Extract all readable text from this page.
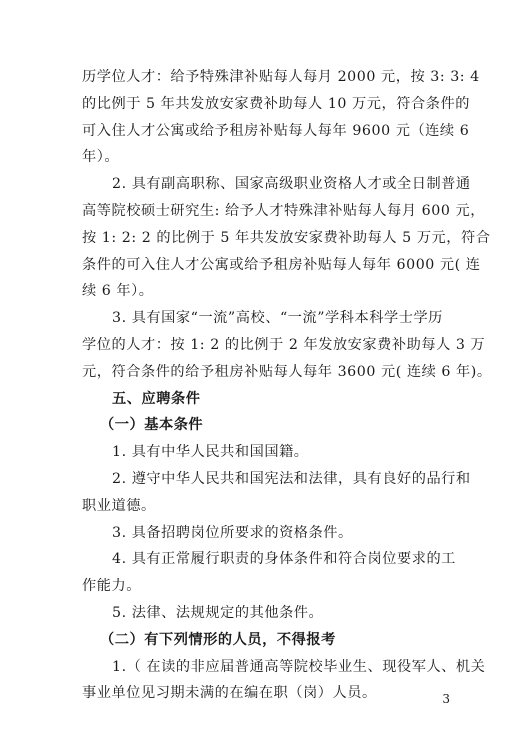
历学位人才：给予特殊津补贴每人每月 2000 元，按 3: 3: 4
的比例于 5 年共发放安家费补助每人 10 万元，符合条件的
可入住人才公寓或给予租房补贴每人每年 9600 元（连续 6
年）。
2. 具有副高职称、国家高级职业资格人才或全日制普通
高等院校硕士研究生: 给予人才特殊津补贴每人每月 600 元，
按 1: 2: 2 的比例于 5 年共发放安家费补助每人 5 万元，符合
条件的可入住人才公寓或给予租房补贴每人每年 6000 元( 连
续 6 年）。
3. 具有国家“一流”高校、“一流”学科本科学士学历
学位的人才：按 1: 2 的比例于 2 年发放安家费补助每人 3 万
元，符合条件的给予租房补贴每人每年 3600 元( 连续 6 年)。
五、应聘条件
（一）基本条件
1. 具有中华人民共和国国籍。
2. 遵守中华人民共和国宪法和法律，具有良好的品行和
职业道德。
3. 具备招聘岗位所要求的资格条件。
4. 具有正常履行职责的身体条件和符合岗位要求的工
作能力。
5. 法律、法规规定的其他条件。
（二）有下列情形的人员，不得报考
1.（ 在读的非应届普通高等院校毕业生、现役军人、机关
事业单位见习期未满的在编在职（岗）人员。	3
